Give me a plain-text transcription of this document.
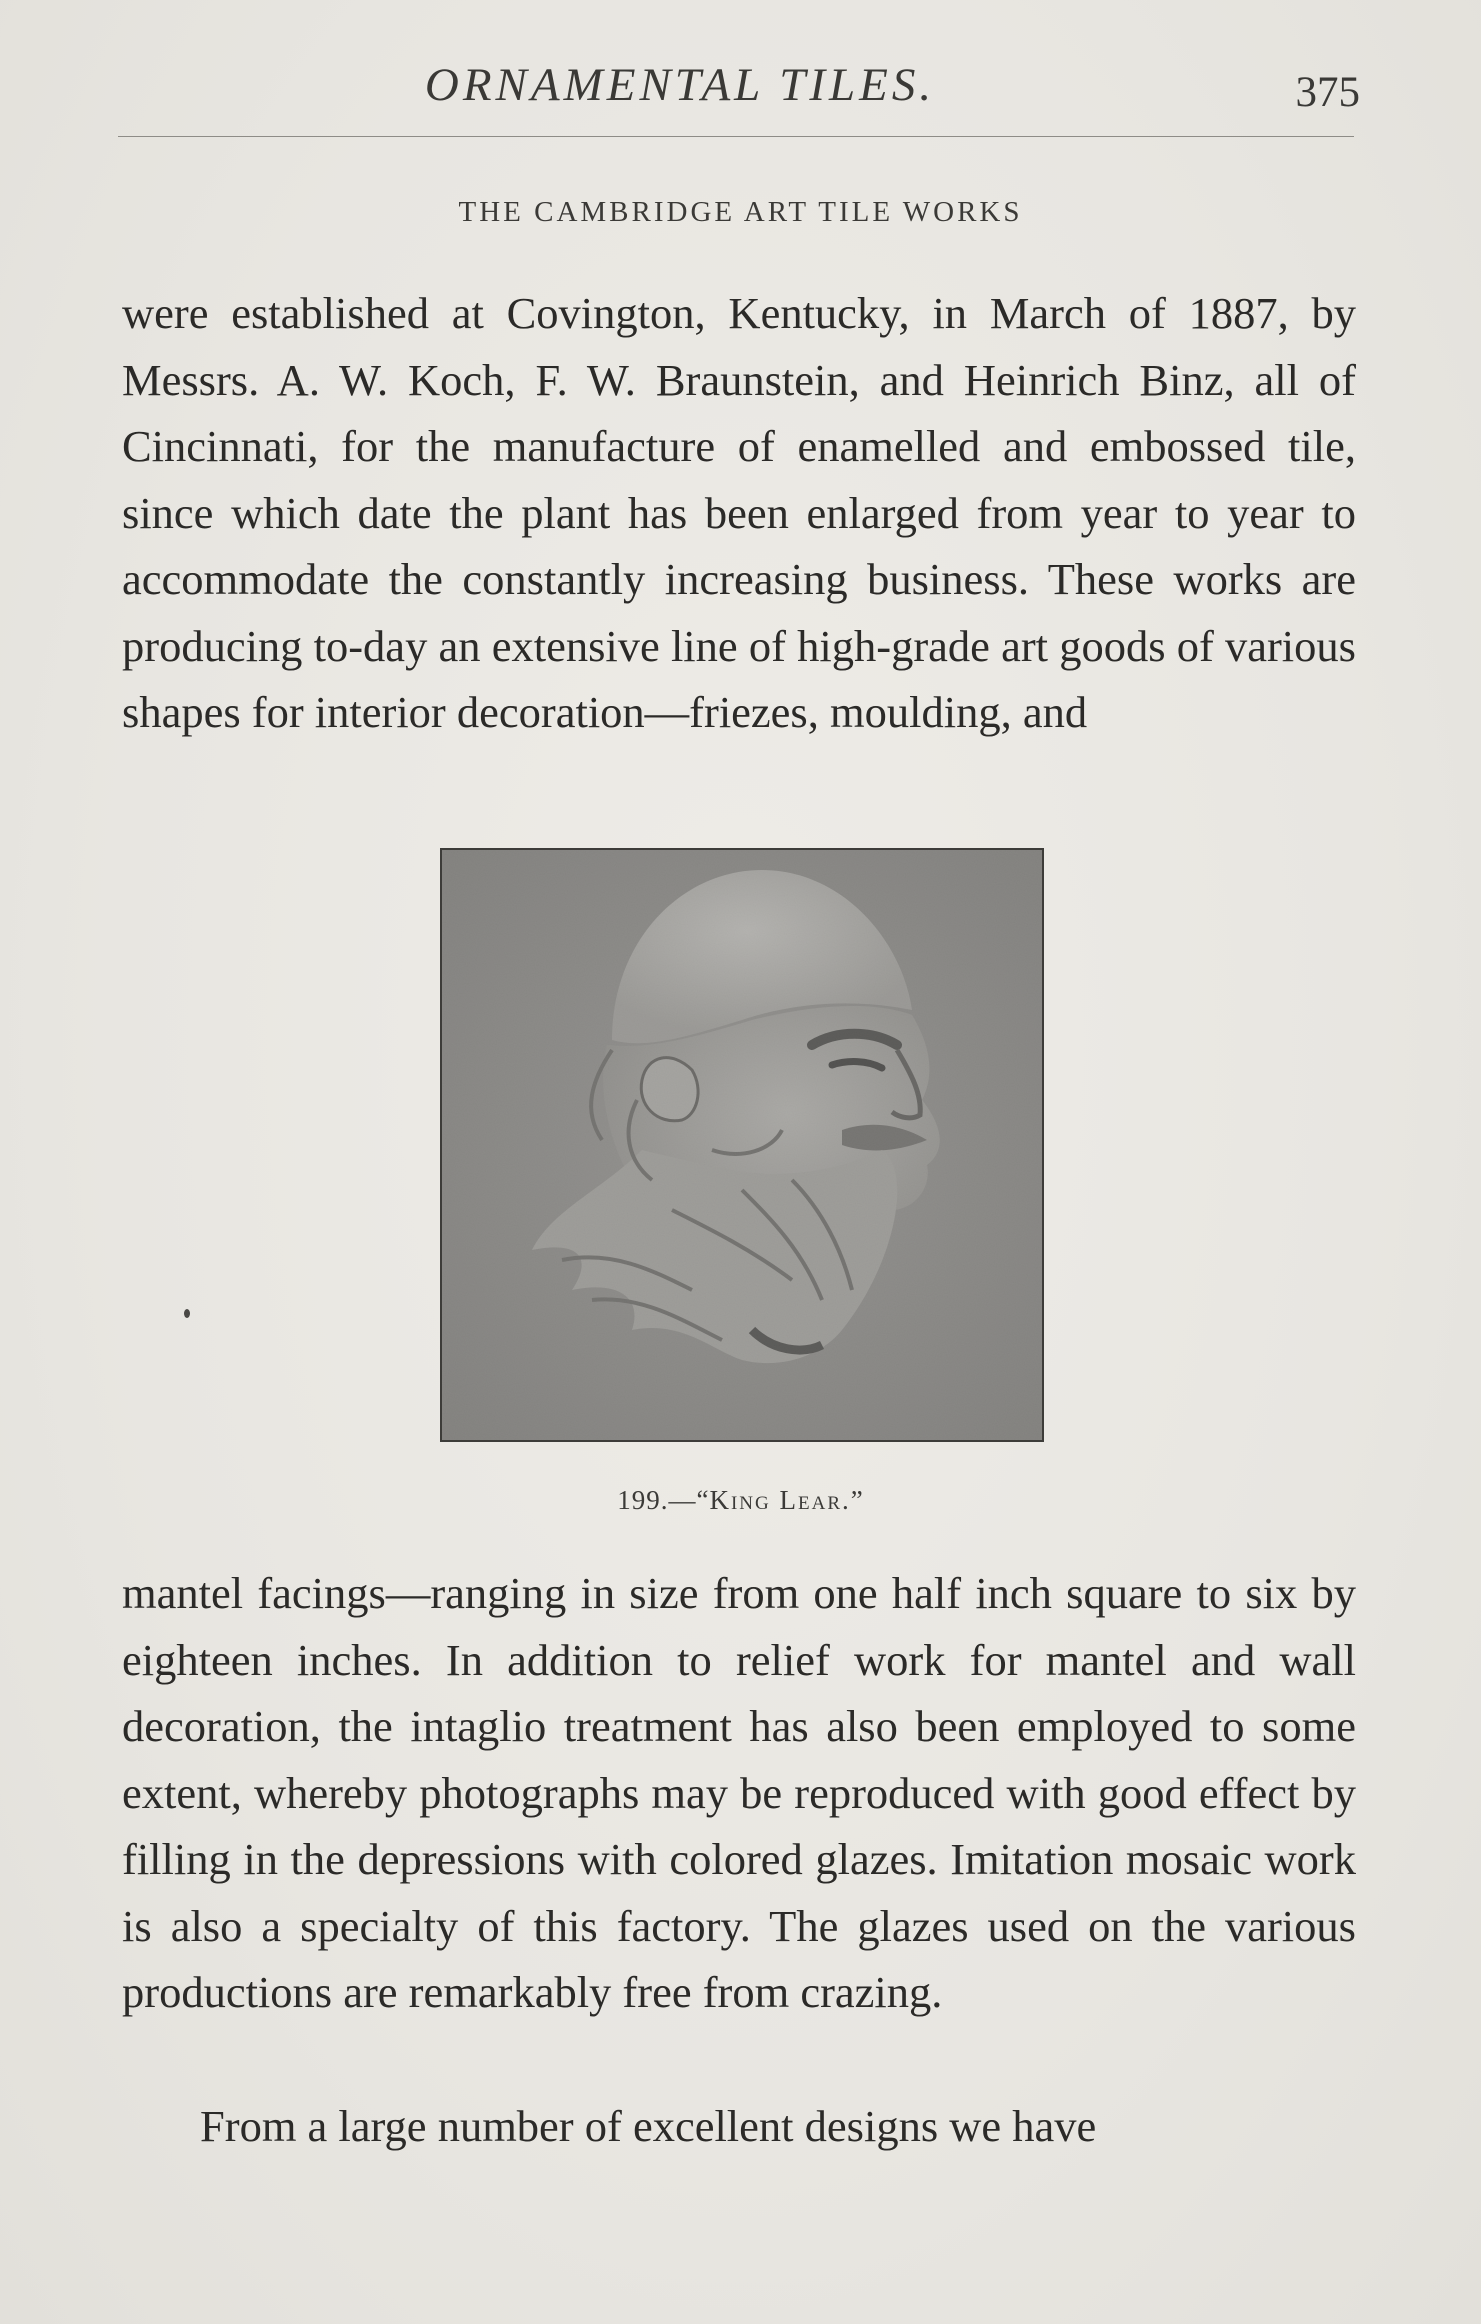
ORNAMENTAL TILES.	375
THE CAMBRIDGE ART TILE WORKS

were established at Covington, Kentucky, in March of 1887, by Messrs. A. W. Koch, F. W. Braunstein, and Heinrich Binz, all of Cincinnati, for the manufacture of enamelled and embossed tile, since which date the plant has been enlarged from year to year to accommodate the constantly increasing business. These works are producing to-day an extensive line of high-grade art goods of various shapes for interior decoration—friezes, moulding, and

199.—“King Lear.”

mantel facings—ranging in size from one half inch square to six by eighteen inches. In addition to relief work for mantel and wall decoration, the intaglio treatment has also been employed to some extent, whereby photographs may be reproduced with good effect by filling in the depressions with colored glazes. Imitation mosaic work is also a specialty of this factory. The glazes used on the various productions are remarkably free from crazing.

From a large number of excellent designs we have
